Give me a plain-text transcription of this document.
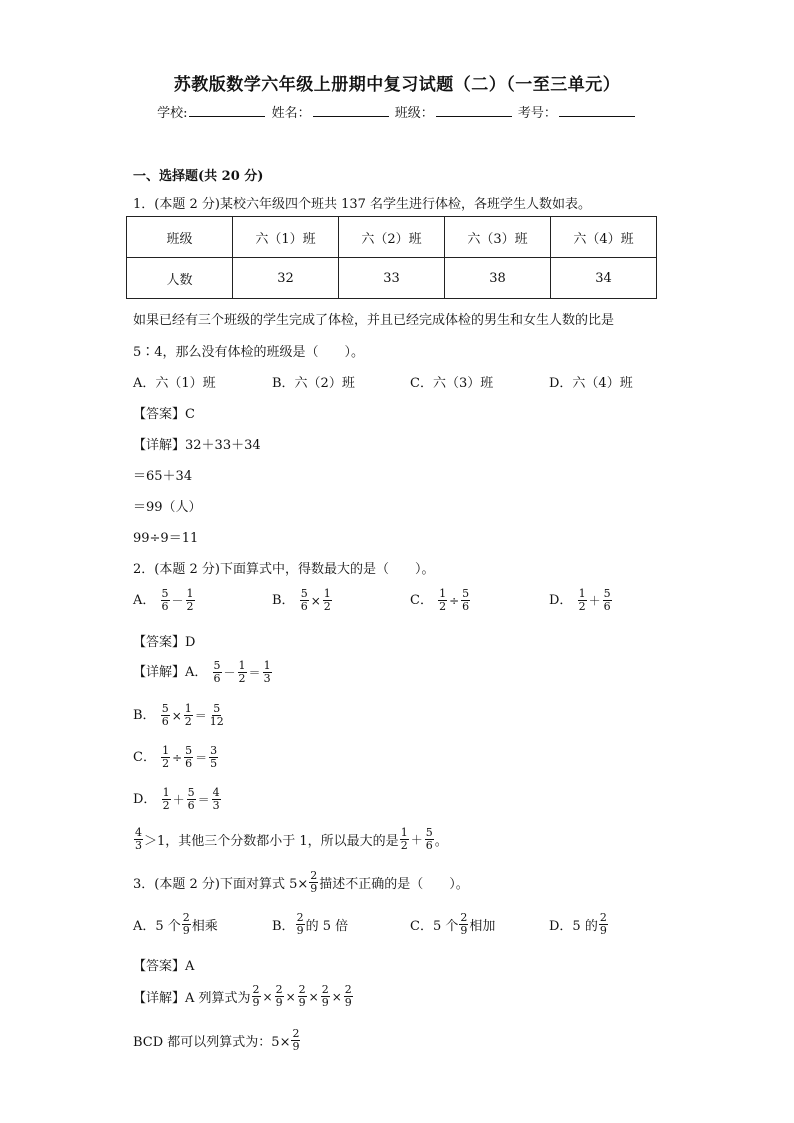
苏教版数学六年级上册期中复习试题（二）（一至三单元）
学校:	姓名：	班级：	考号：
一、选择题(共 20 分)
1．(本题 2 分)某校六年级四个班共 137 名学生进行体检，各班学生人数如表。
班级	六（1）班	六（2）班	六（3）班	六（4）班
人数	32	33	38	34
如果已经有三个班级的学生完成了体检，并且已经完成体检的男生和女生人数的比是
5∶4，那么没有体检的班级是（　　）。
A．六（1）班	B．六（2）班	C．六（3）班	D．六（4）班
【答案】C
【详解】32＋33＋34
＝65＋34
＝99（人）
99÷9＝11
2．(本题 2 分)下面算式中，得数最大的是（　　）。
A． $\frac{5}{6} - \frac{1}{2}$	B． $\frac{5}{6} \times \frac{1}{2}$	C． $\frac{1}{2} \div \frac{5}{6}$	D． $\frac{1}{2} + \frac{5}{6}$
【答案】D
【详解】A． $\frac{5}{6} - \frac{1}{2} = \frac{1}{3}$
B． $\frac{5}{6} \times \frac{1}{2} = \frac{5}{12}$
C． $\frac{1}{2} \div \frac{5}{6} = \frac{3}{5}$
D． $\frac{1}{2} + \frac{5}{6} = \frac{4}{3}$
$\frac{4}{3} >1$，其他三个分数都小于 1，所以最大的是 $\frac{1}{2} + \frac{5}{6}$ 。
3．(本题 2 分)下面对算式 $5\times \frac{2}{9}$ 描述不正确的是（　　）。
A．5 个 $\frac{2}{9}$ 相乘	B． $\frac{2}{9}$ 的 5 倍	C．5 个 $\frac{2}{9}$ 相加	D．5 的 $\frac{2}{9}$
【答案】A
【详解】A 列算式为 $\frac{2}{9} \times \frac{2}{9} \times \frac{2}{9} \times \frac{2}{9} \times \frac{2}{9}$
BCD 都可以列算式为：$5\times \frac{2}{9}$
